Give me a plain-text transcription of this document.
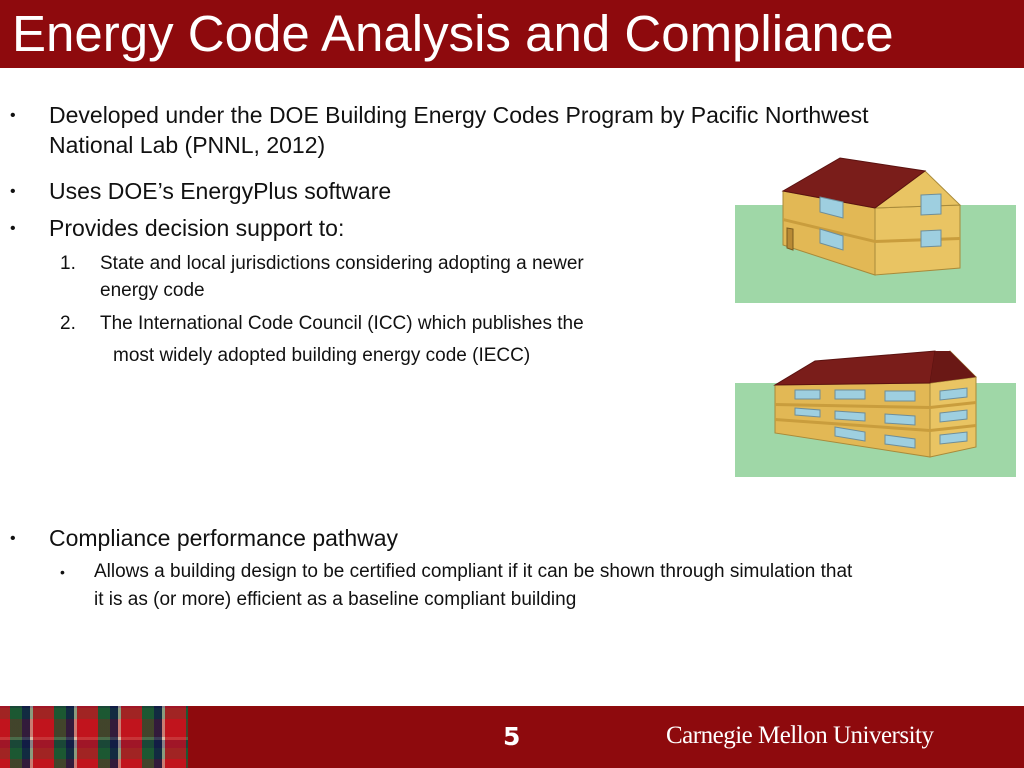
Energy Code Analysis and Compliance
• Developed under the DOE Building Energy Codes Program by Pacific Northwest
National Lab (PNNL, 2012)
• Uses DOE’s EnergyPlus software
• Provides decision support to:
1. State and local jurisdictions considering adopting a newer
energy code
2. The International Code Council (ICC) which publishes the
most widely adopted building energy code (IECC)
• Compliance performance pathway
• Allows a building design to be certified compliant if it can be shown through simulation that
it is as (or more) efficient as a baseline compliant building
5	Carnegie Mellon University
